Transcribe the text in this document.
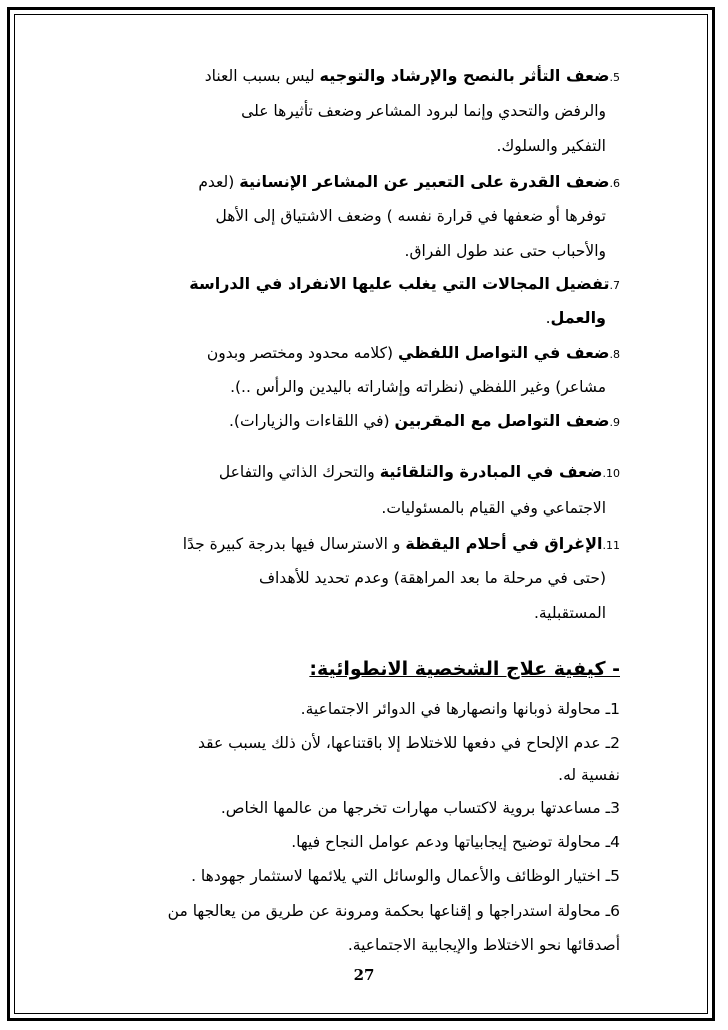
5.ضعف التأثر بالنصح والإرشاد والتوجيه ليس بسبب العناد
والرفض والتحدي وإنما لبرود المشاعر وضعف تأثيرها على
التفكير والسلوك.
6.ضعف القدرة على التعبير عن المشاعر الإنسانية (لعدم
توفرها أو ضعفها في قرارة نفسه ) وضعف الاشتياق إلى الأهل
والأحباب حتى عند طول الفراق.
7.تفضيل المجالات التي يغلب عليها الانفراد في الدراسة
والعمل.
8.ضعف في التواصل اللفظي (كلامه محدود ومختصر وبدون
مشاعر) وغير اللفظي (نظراته وإشاراته باليدين والرأس ..).
9.ضعف التواصل مع المقربين (في اللقاءات والزيارات).
10.ضعف في المبادرة والتلقائية والتحرك الذاتي والتفاعل
الاجتماعي وفي القيام بالمسئوليات.
11.الإغراق في أحلام اليقظة و الاسترسال فيها بدرجة كبيرة جدًا
(حتى في مرحلة ما بعد المراهقة) وعدم تحديد للأهداف
المستقبلية.
- كيفية علاج الشخصية الانطوائية:
1ـ محاولة ذوبانها وانصهارها في الدوائر الاجتماعية.
2ـ عدم الإلحاح في دفعها للاختلاط إلا باقتناعها، لأن ذلك يسبب عقد
نفسية له.
3ـ مساعدتها بروية لاكتساب مهارات تخرجها من عالمها الخاص.
4ـ محاولة توضيح إيجابياتها ودعم عوامل النجاح فيها.
5ـ اختيار الوظائف والأعمال والوسائل التي يلائمها لاستثمار جهودها .
6ـ محاولة استدراجها و إقناعها بحكمة ومرونة عن طريق من يعالجها من
أصدقائها نحو الاختلاط والإيجابية الاجتماعية.
27
